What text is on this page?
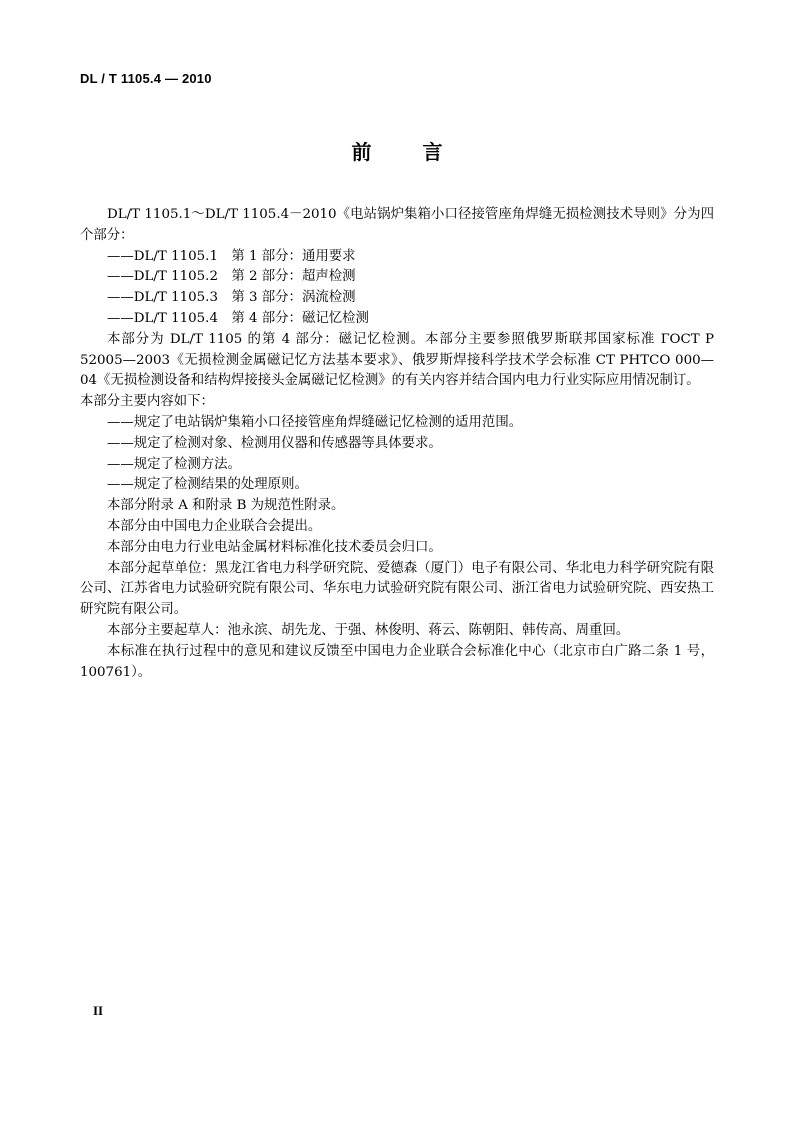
DL / T 1105.4 — 2010
前	言

DL/T 1105.1～DL/T 1105.4－2010《电站锅炉集箱小口径接管座角焊缝无损检测技术导则》分为四个部分：

——DL/T 1105.1　第 1 部分：通用要求

——DL/T 1105.2　第 2 部分：超声检测

——DL/T 1105.3　第 3 部分：涡流检测

——DL/T 1105.4　第 4 部分：磁记忆检测

本部分为 DL/T 1105 的第 4 部分：磁记忆检测。本部分主要参照俄罗斯联邦国家标准 ГОСТ Р 52005—2003《无损检测金属磁记忆方法基本要求》、俄罗斯焊接科学技术学会标准 СТ РНТСО 000—04《无损检测设备和结构焊接接头金属磁记忆检测》的有关内容并结合国内电力行业实际应用情况制订。

本部分主要内容如下：

——规定了电站锅炉集箱小口径接管座角焊缝磁记忆检测的适用范围。

——规定了检测对象、检测用仪器和传感器等具体要求。

——规定了检测方法。

——规定了检测结果的处理原则。

本部分附录 A 和附录 B 为规范性附录。

本部分由中国电力企业联合会提出。

本部分由电力行业电站金属材料标准化技术委员会归口。

本部分起草单位：黑龙江省电力科学研究院、爱德森（厦门）电子有限公司、华北电力科学研究院有限公司、江苏省电力试验研究院有限公司、华东电力试验研究院有限公司、浙江省电力试验研究院、西安热工研究院有限公司。

本部分主要起草人：池永滨、胡先龙、于强、林俊明、蒋云、陈朝阳、韩传高、周重回。

本标准在执行过程中的意见和建议反馈至中国电力企业联合会标准化中心（北京市白广路二条 1 号，100761）。

II
